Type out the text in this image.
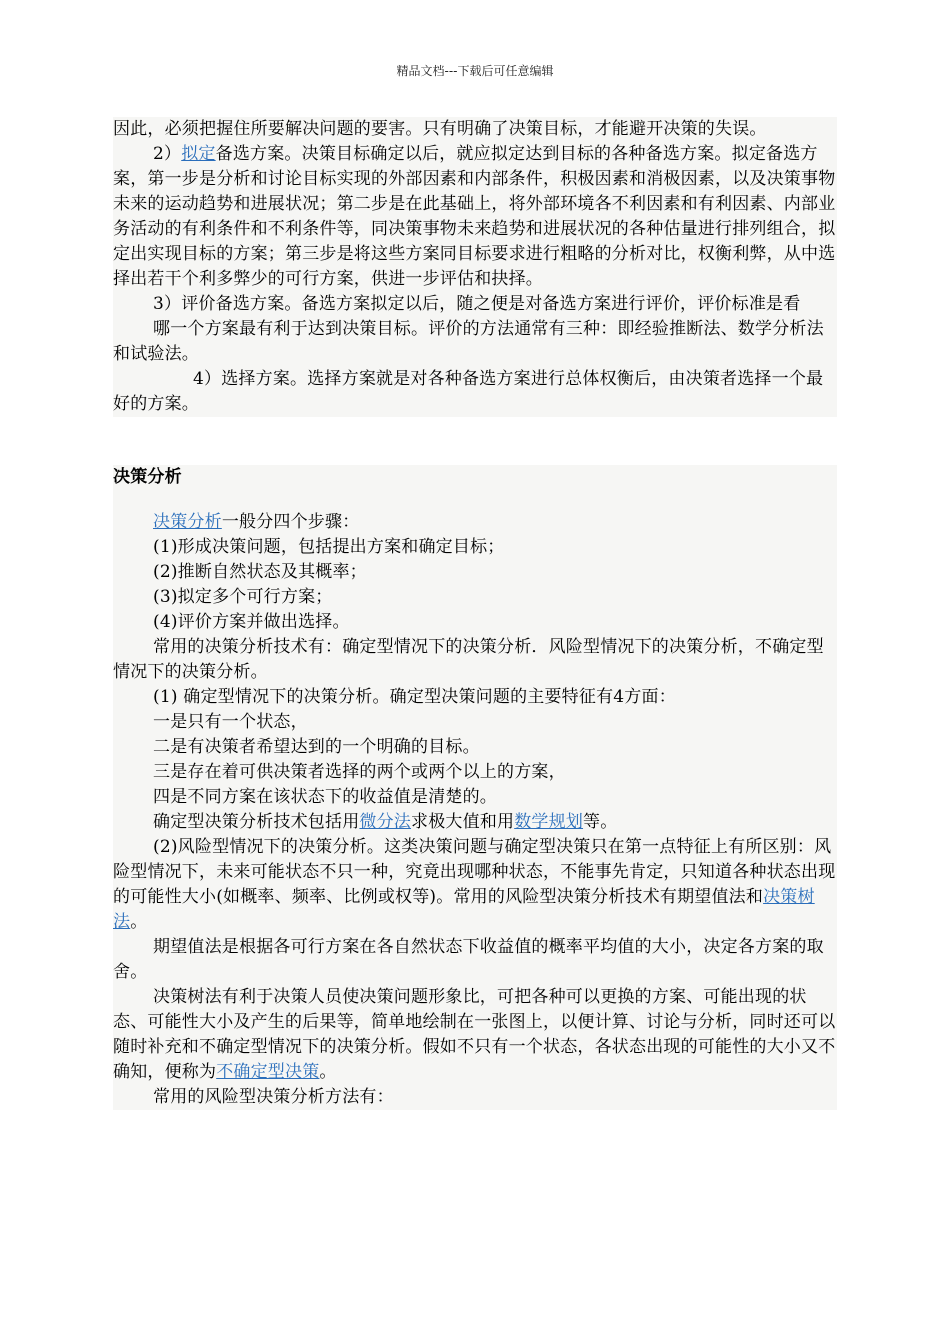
精品文档---下载后可任意编辑

因此，必须把握住所要解决问题的要害。只有明确了决策目标，才能避开决策的失误。

2）拟定备选方案。决策目标确定以后，就应拟定达到目标的各种备选方案。拟定备选方案，第一步是分析和讨论目标实现的外部因素和内部条件，积极因素和消极因素，以及决策事物未来的运动趋势和进展状况；第二步是在此基础上，将外部环境各不利因素和有利因素、内部业务活动的有利条件和不利条件等，同决策事物未来趋势和进展状况的各种估量进行排列组合，拟定出实现目标的方案；第三步是将这些方案同目标要求进行粗略的分析对比，权衡利弊，从中选择出若干个利多弊少的可行方案，供进一步评估和抉择。

3）评价备选方案。备选方案拟定以后，随之便是对备选方案进行评价，评价标准是看

哪一个方案最有利于达到决策目标。评价的方法通常有三种：即经验推断法、数学分析法和试验法。

4）选择方案。选择方案就是对各种备选方案进行总体权衡后，由决策者选择一个最好的方案。

决策分析

决策分析一般分四个步骤：

(1)形成决策问题，包括提出方案和确定目标；

(2)推断自然状态及其概率；

(3)拟定多个可行方案；

(4)评价方案并做出选择。

常用的决策分析技术有：确定型情况下的决策分析．风险型情况下的决策分析，不确定型情况下的决策分析。

(1) 确定型情况下的决策分析。确定型决策问题的主要特征有4方面：

一是只有一个状态，

二是有决策者希望达到的一个明确的目标。

三是存在着可供决策者选择的两个或两个以上的方案，

四是不同方案在该状态下的收益值是清楚的。

确定型决策分析技术包括用微分法求极大值和用数学规划等。

(2)风险型情况下的决策分析。这类决策问题与确定型决策只在第一点特征上有所区别：风险型情况下，未来可能状态不只一种，究竟出现哪种状态，不能事先肯定，只知道各种状态出现的可能性大小(如概率、频率、比例或权等)。常用的风险型决策分析技术有期望值法和决策树法。

期望值法是根据各可行方案在各自然状态下收益值的概率平均值的大小，决定各方案的取舍。

决策树法有利于决策人员使决策问题形象比，可把各种可以更换的方案、可能出现的状态、可能性大小及产生的后果等，简单地绘制在一张图上，以便计算、讨论与分析，同时还可以随时补充和不确定型情况下的决策分析。假如不只有一个状态，各状态出现的可能性的大小又不确知，便称为不确定型决策。

常用的风险型决策分析方法有：
